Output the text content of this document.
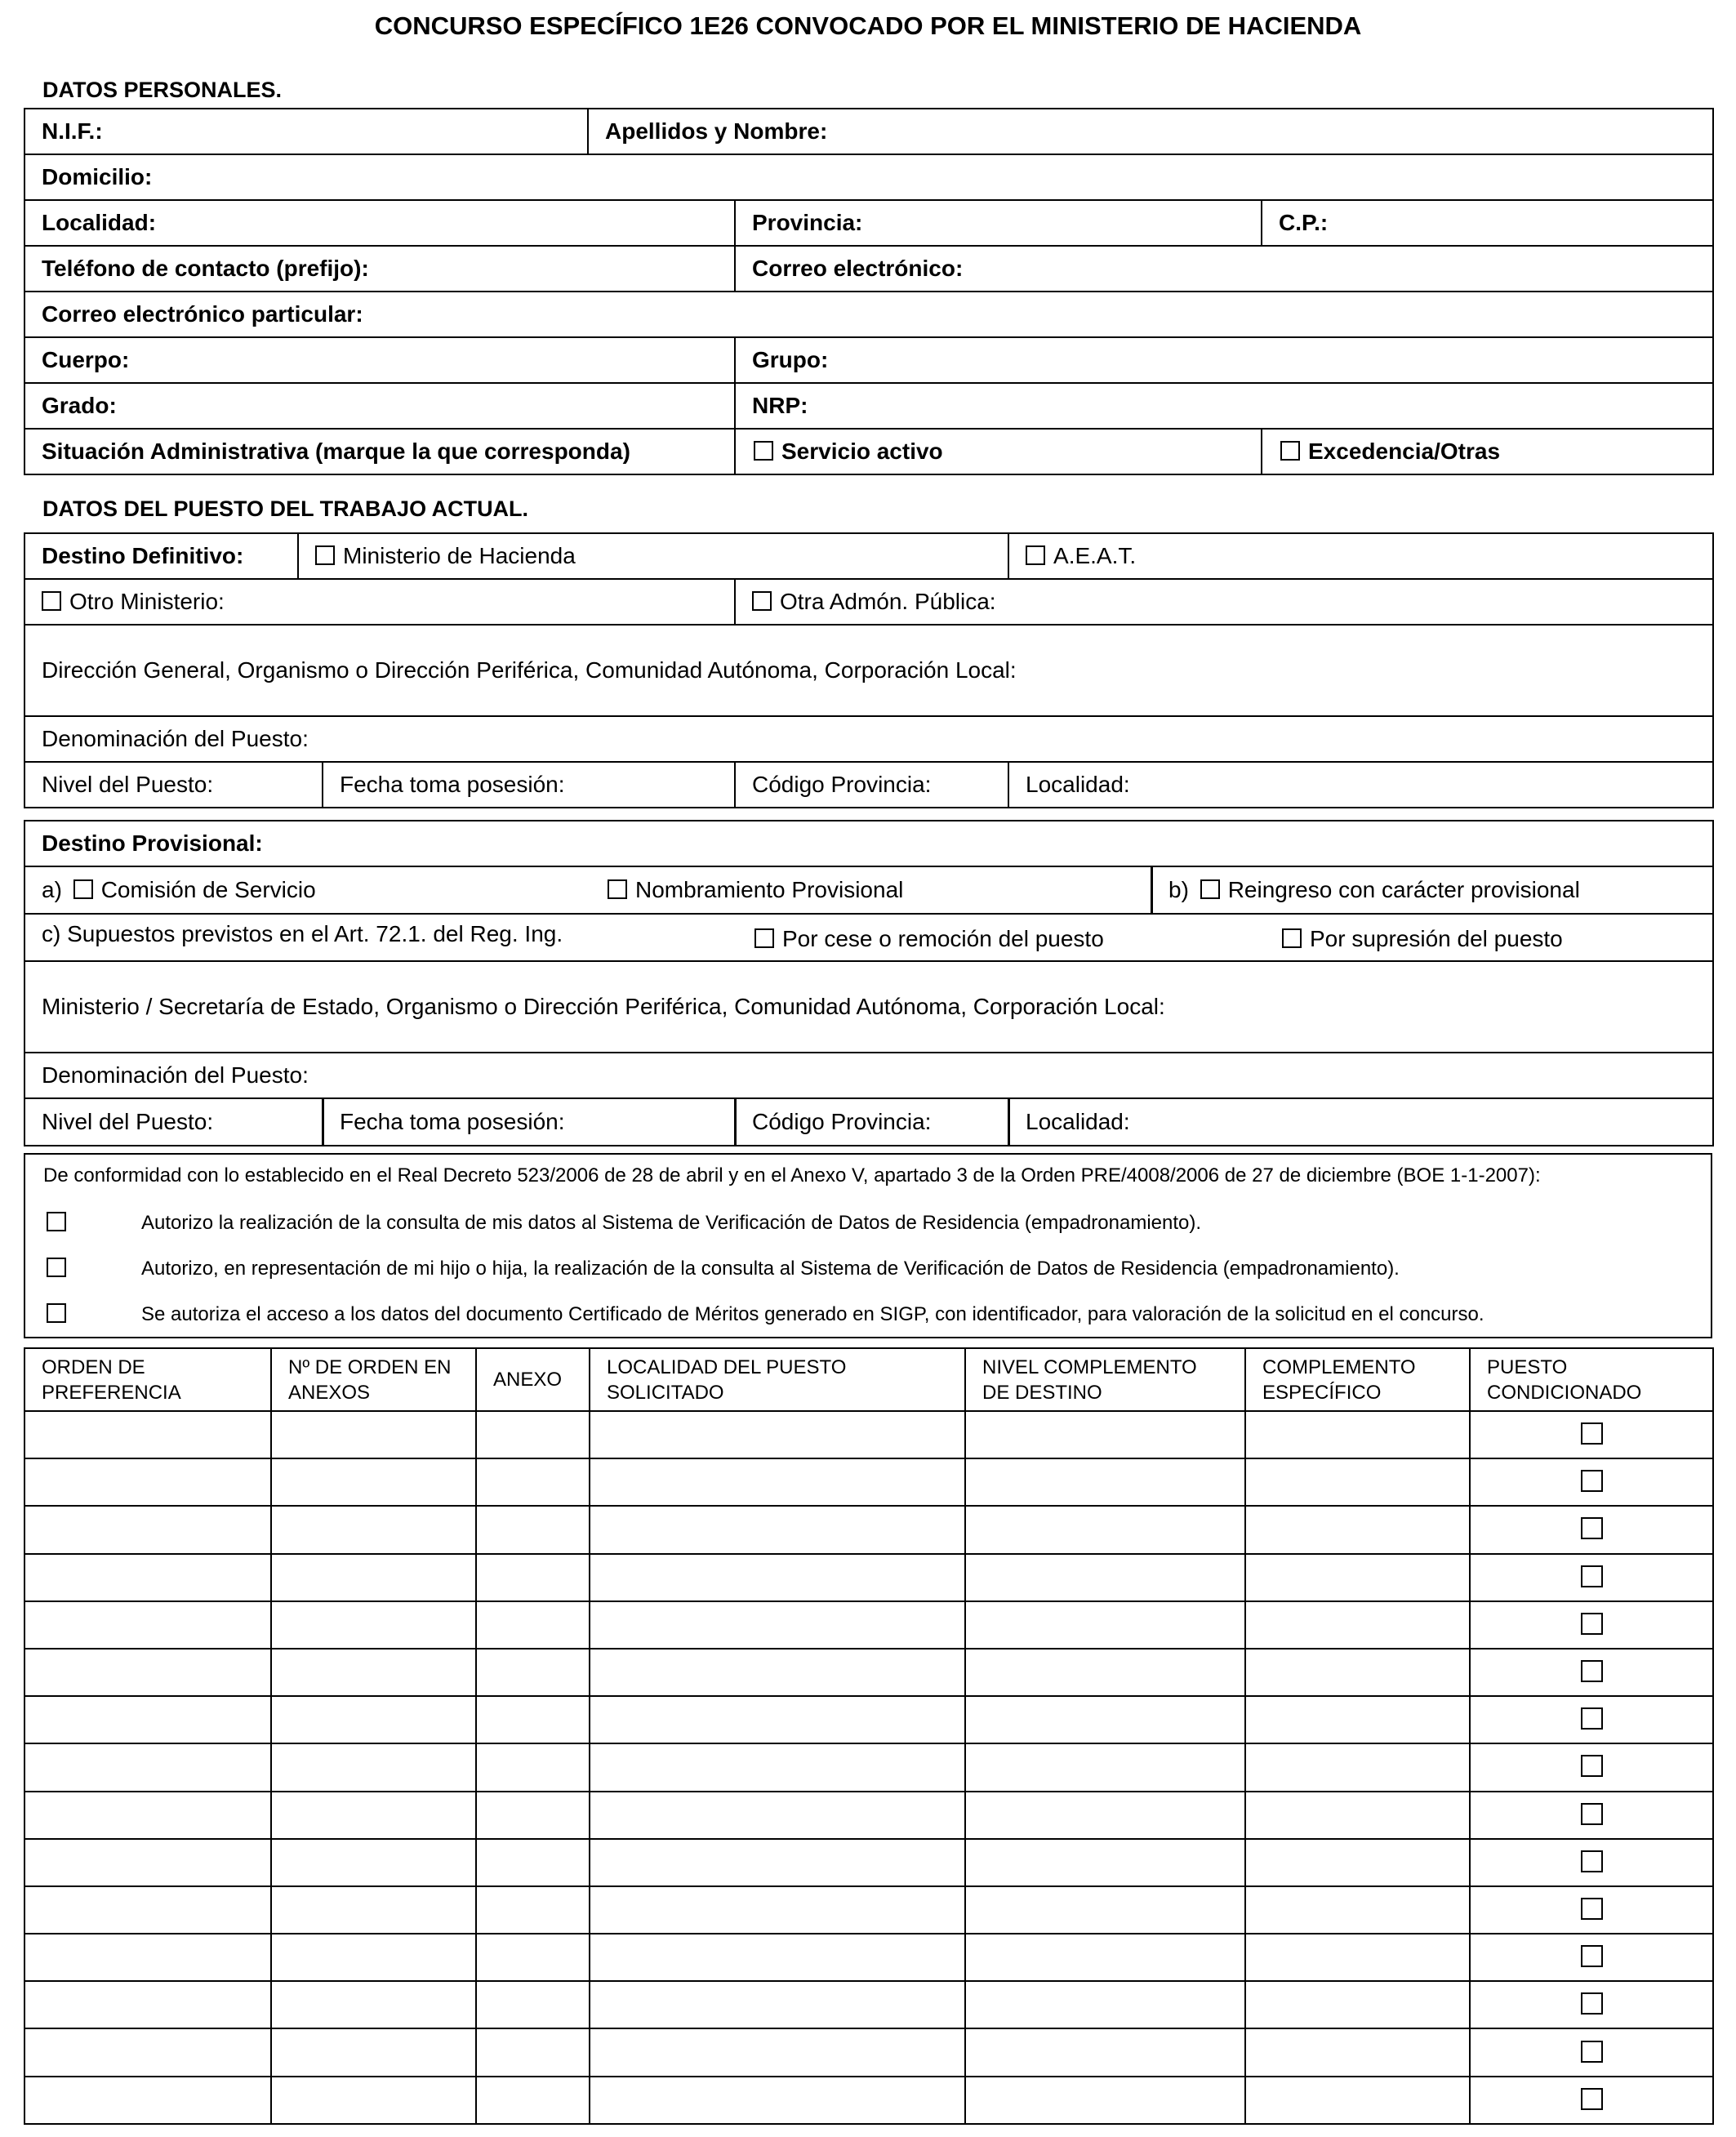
CONCURSO ESPECÍFICO 1E26 CONVOCADO POR EL MINISTERIO DE HACIENDA
DATOS PERSONALES.
N.I.F.:	Apellidos y Nombre:		
Domicilio:			
Localidad:		Provincia:	C.P.:
Teléfono de contacto (prefijo):		Correo electrónico:	
Correo electrónico particular:			
Cuerpo:		Grupo:	
Grado:		NRP:	
Situación Administrativa (marque la que corresponda)		Servicio activo	Excedencia/Otras
DATOS DEL PUESTO DEL TRABAJO ACTUAL.
Destino Definitivo:	Ministerio de Hacienda			A.E.A.T.
Otro Ministerio:			Otra Admón. Pública:	
Dirección General, Organismo o Dirección Periférica, Comunidad Autónoma, Corporación Local:				
Denominación del Puesto:				
Nivel del Puesto:		Fecha toma posesión:	Código Provincia:	Localidad:
Destino Provisional:

a) Comisión de Servicio	Nombramiento Provisional	b) Reingreso con carácter provisional

c) Supuestos previstos en el Art. 72.1. del Reg. Ing.	Por cese o remoción del puesto	Por supresión del puesto

Ministerio / Secretaría de Estado, Organismo o Dirección Periférica, Comunidad Autónoma, Corporación Local:
Denominación del Puesto:

Nivel del Puesto:	Fecha toma posesión:	Código Provincia:	Localidad:
De conformidad con lo establecido en el Real Decreto 523/2006 de 28 de abril y en el Anexo V, apartado 3 de la Orden PRE/4008/2006 de 27 de diciembre (BOE 1-1-2007):
Autorizo la realización de la consulta de mis datos al Sistema de Verificación de Datos de Residencia (empadronamiento).
Autorizo, en representación de mi hijo o hija, la realización de la consulta al Sistema de Verificación de Datos de Residencia (empadronamiento).
Se autoriza el acceso a los datos del documento Certificado de Méritos generado en SIGP, con identificador, para valoración de la solicitud en el concurso.
ORDEN DE PREFERENCIA	Nº DE ORDEN EN ANEXOS	ANEXO	LOCALIDAD DEL PUESTO SOLICITADO	NIVEL COMPLEMENTO DE DESTINO	COMPLEMENTO ESPECÍFICO	PUESTO CONDICIONADO
